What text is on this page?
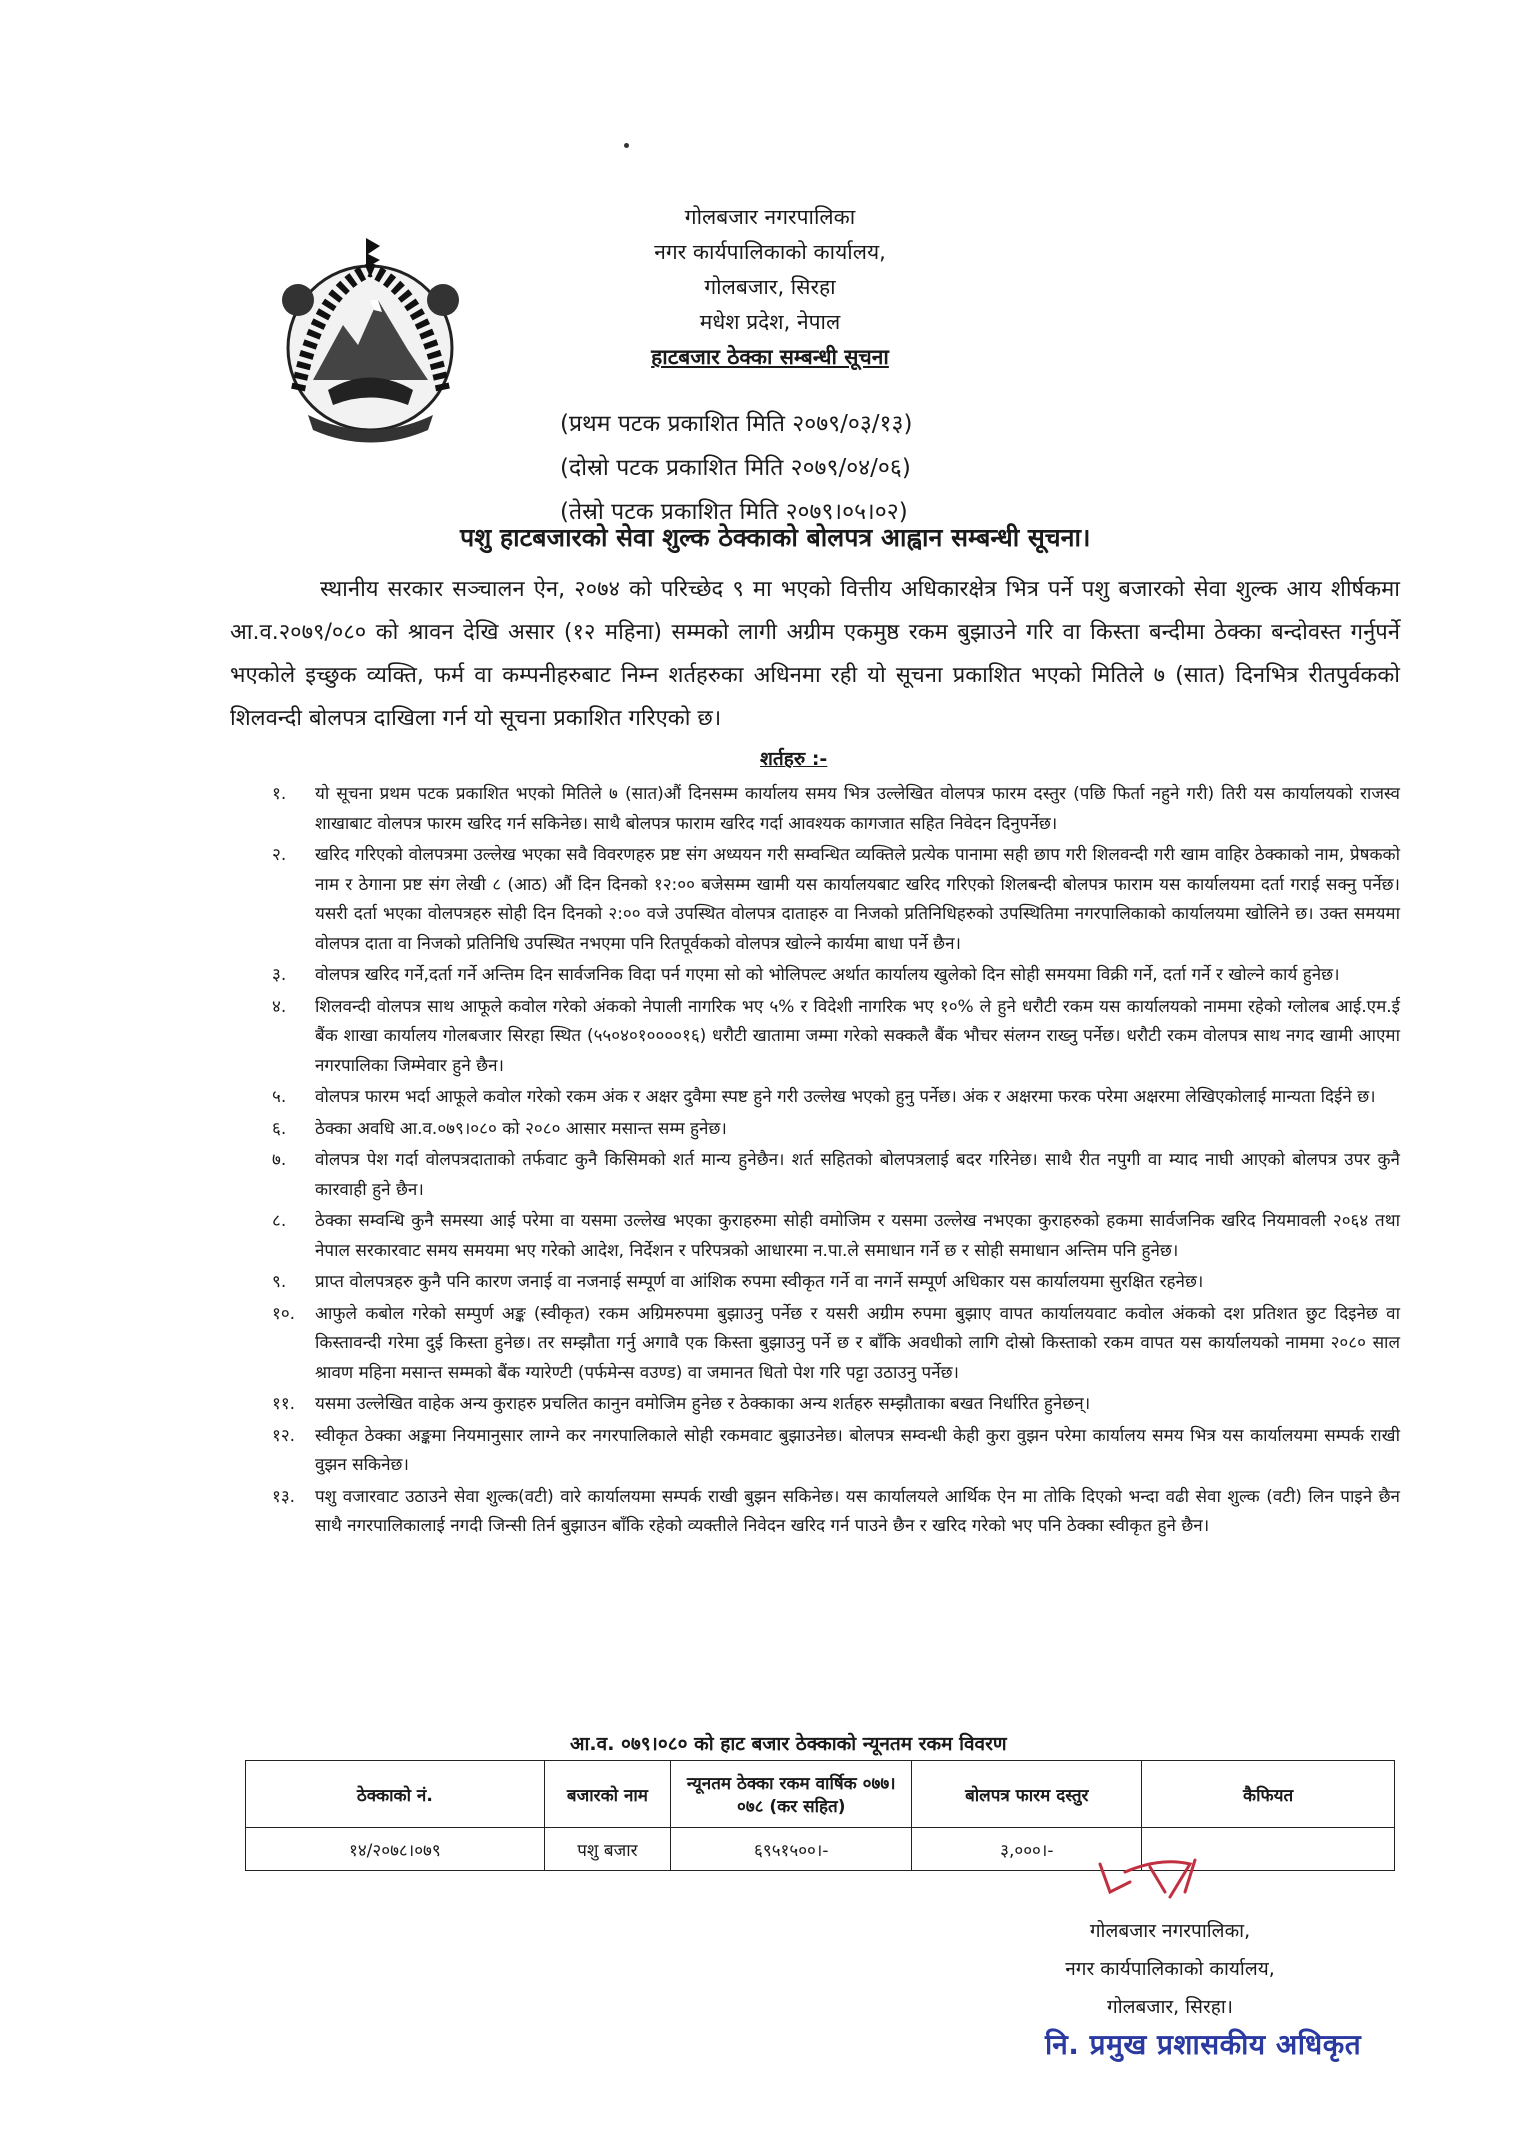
गोलबजार नगरपालिका
नगर कार्यपालिकाको कार्यालय,
गोलबजार, सिरहा
मधेश प्रदेश, नेपाल
हाटबजार ठेक्का सम्बन्धी सूचना
(प्रथम पटक प्रकाशित मिति २०७९/०३/१३)
(दोस्रो पटक प्रकाशित मिति २०७९/०४/०६)
(तेस्रो पटक प्रकाशित मिति २०७९।०५।०२)
पशु हाटबजारको सेवा शुल्क ठेक्काको बोलपत्र आह्वान सम्बन्धी सूचना।

स्थानीय सरकार सञ्चालन ऐन, २०७४ को परिच्छेद ९ मा भएको वित्तीय अधिकारक्षेत्र भित्र पर्ने पशु बजारको सेवा शुल्क आय शीर्षकमा आ.व.२०७९/०८० को श्रावन देखि असार (१२ महिना) सम्मको लागी अग्रीम एकमुष्ठ रकम बुझाउने गरि वा किस्ता बन्दीमा ठेक्का बन्दोवस्त गर्नुपर्ने भएकोले इच्छुक व्यक्ति, फर्म वा कम्पनीहरुबाट निम्न शर्तहरुका अधिनमा रही यो सूचना प्रकाशित भएको मितिले ७ (सात) दिनभित्र रीतपुर्वकको शिलवन्दी बोलपत्र दाखिला गर्न यो सूचना प्रकाशित गरिएको छ।

शर्तहरु :-
१.	यो सूचना प्रथम पटक प्रकाशित भएको मितिले ७ (सात)औं दिनसम्म कार्यालय समय भित्र उल्लेखित वोलपत्र फारम दस्तुर (पछि फिर्ता नहुने गरी) तिरी यस कार्यालयको राजस्व शाखाबाट वोलपत्र फारम खरिद गर्न सकिनेछ। साथै बोलपत्र फाराम खरिद गर्दा आवश्यक कागजात सहित निवेदन दिनुपर्नेछ।
२.	खरिद गरिएको वोलपत्रमा उल्लेख भएका सवै विवरणहरु प्रष्ट संग अध्ययन गरी सम्वन्धित व्यक्तिले प्रत्येक पानामा सही छाप गरी शिलवन्दी गरी खाम वाहिर ठेक्काको नाम, प्रेषकको नाम र ठेगाना प्रष्ट संग लेखी ८ (आठ) औं दिन दिनको १२:०० बजेसम्म खामी यस कार्यालयबाट खरिद गरिएको शिलबन्दी बोलपत्र फाराम यस कार्यालयमा दर्ता गराई सक्नु पर्नेछ। यसरी दर्ता भएका वोलपत्रहरु सोही दिन दिनको २:०० वजे उपस्थित वोलपत्र दाताहरु वा निजको प्रतिनिधिहरुको उपस्थितिमा नगरपालिकाको कार्यालयमा खोलिने छ। उक्त समयमा वोलपत्र दाता वा निजको प्रतिनिधि उपस्थित नभएमा पनि रितपूर्वकको वोलपत्र खोल्ने कार्यमा बाधा पर्ने छैन।
३.	वोलपत्र खरिद गर्ने,दर्ता गर्ने अन्तिम दिन सार्वजनिक विदा पर्न गएमा सो को भोलिपल्ट अर्थात कार्यालय खुलेको दिन सोही समयमा विक्री गर्ने, दर्ता गर्ने र खोल्ने कार्य हुनेछ।
४.	शिलवन्दी वोलपत्र साथ आफूले कवोल गरेको अंकको नेपाली नागरिक भए ५% र विदेशी नागरिक भए १०% ले हुने धरौटी रकम यस कार्यालयको नाममा रहेको ग्लोलब आई.एम.ई बैंक शाखा कार्यालय गोलबजार सिरहा स्थित (५५०४०१००००१६) धरौटी खातामा जम्मा गरेको सक्कलै बैंक भौचर संलग्न राख्नु पर्नेछ। धरौटी रकम वोलपत्र साथ नगद खामी आएमा नगरपालिका जिम्मेवार हुने छैन।
५.	वोलपत्र फारम भर्दा आफूले कवोल गरेको रकम अंक र अक्षर दुवैमा स्पष्ट हुने गरी उल्लेख भएको हुनु पर्नेछ। अंक र अक्षरमा फरक परेमा अक्षरमा लेखिएकोलाई मान्यता दिईने छ।
६.	ठेक्का अवधि आ.व.०७९।०८० को २०८० आसार मसान्त सम्म हुनेछ।
७.	वोलपत्र पेश गर्दा वोलपत्रदाताको तर्फवाट कुनै किसिमको शर्त मान्य हुनेछैन। शर्त सहितको बोलपत्रलाई बदर गरिनेछ। साथै रीत नपुगी वा म्याद नाघी आएको बोलपत्र उपर कुनै कारवाही हुने छैन।
८.	ठेक्का सम्वन्धि कुनै समस्या आई परेमा वा यसमा उल्लेख भएका कुराहरुमा सोही वमोजिम र यसमा उल्लेख नभएका कुराहरुको हकमा सार्वजनिक खरिद नियमावली २०६४ तथा नेपाल सरकारवाट समय समयमा भए गरेको आदेश, निर्देशन र परिपत्रको आधारमा न.पा.ले समाधान गर्ने छ र सोही समाधान अन्तिम पनि हुनेछ।
९.	प्राप्त वोलपत्रहरु कुनै पनि कारण जनाई वा नजनाई सम्पूर्ण वा आंशिक रुपमा स्वीकृत गर्ने वा नगर्ने सम्पूर्ण अधिकार यस कार्यालयमा सुरक्षित रहनेछ।
१०.	आफुले कबोल गरेको सम्पुर्ण अङ्क (स्वीकृत) रकम अग्रिमरुपमा बुझाउनु पर्नेछ र यसरी अग्रीम रुपमा बुझाए वापत कार्यालयवाट कवोल अंकको दश प्रतिशत छुट दिइनेछ वा किस्तावन्दी गरेमा दुई किस्ता हुनेछ। तर सम्झौता गर्नु अगावै एक किस्ता बुझाउनु पर्ने छ र बाँकि अवधीको लागि दोस्रो किस्ताको रकम वापत यस कार्यालयको नाममा २०८० साल श्रावण महिना मसान्त सम्मको बैंक ग्यारेण्टी (पर्फमेन्स वउण्ड) वा जमानत धितो पेश गरि पट्टा उठाउनु पर्नेछ।
११.	यसमा उल्लेखित वाहेक अन्य कुराहरु प्रचलित कानुन वमोजिम हुनेछ र ठेक्काका अन्य शर्तहरु सम्झौताका बखत निर्धारित हुनेछन्।
१२.	स्वीकृत ठेक्का अङ्कमा नियमानुसार लाग्ने कर नगरपालिकाले सोही रकमवाट बुझाउनेछ। बोलपत्र सम्वन्धी केही कुरा वुझन परेमा कार्यालय समय भित्र यस कार्यालयमा सम्पर्क राखी वुझन सकिनेछ।
१३.	पशु वजारवाट उठाउने सेवा शुल्क(वटी) वारे कार्यालयमा सम्पर्क राखी बुझन सकिनेछ। यस कार्यालयले आर्थिक ऐन मा तोकि दिएको भन्दा वढी सेवा शुल्क (वटी) लिन पाइने छैन साथै नगरपालिकालाई नगदी जिन्सी तिर्न बुझाउन बाँकि रहेको व्यक्तीले निवेदन खरिद गर्न पाउने छैन र खरिद गरेको भए पनि ठेक्का स्वीकृत हुने छैन।
आ.व. ०७९।०८० को हाट बजार ठेक्काको न्यूनतम रकम विवरण
ठेक्काको नं.	बजारको नाम	न्यूनतम ठेक्का रकम वार्षिक ०७७।०७८ (कर सहित)	बोलपत्र फारम दस्तुर	कैफियत
१४/२०७८।०७९	पशु बजार	६९५१५००।-	३,०००।-	
गोलबजार नगरपालिका,
नगर कार्यपालिकाको कार्यालय,
गोलबजार, सिरहा।
नि. प्रमुख प्रशासकीय अधिकृत
